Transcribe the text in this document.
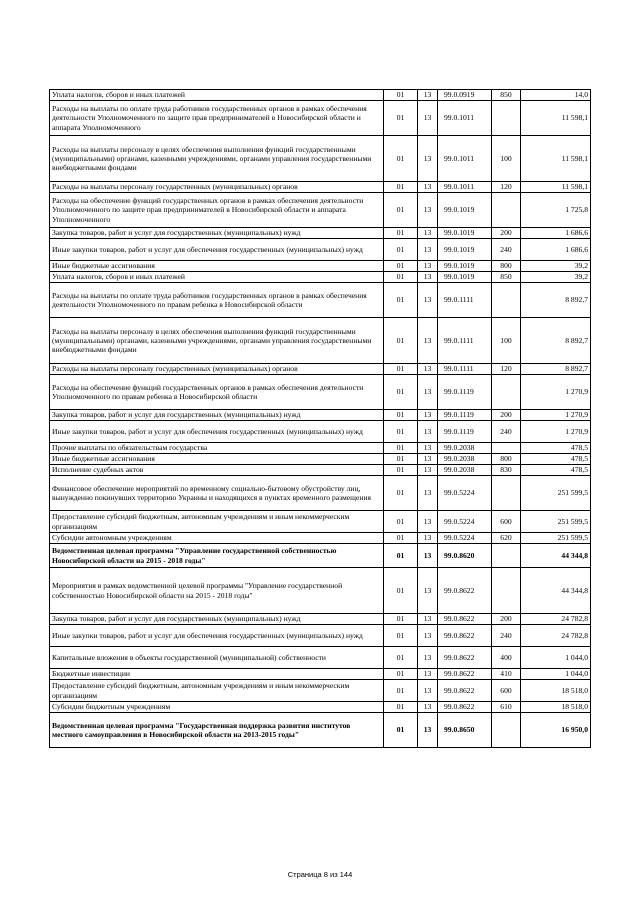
Уплата налогов, сборов и иных платежей	01	13	99.0.0919	850	14,0
Расходы на выплаты по оплате труда работников государственных органов в рамках обеспечения деятельности Уполномоченного по защите прав предпринимателей в Новосибирской области и аппарата Уполномоченного	01	13	99.0.1011		11 598,1
Расходы на выплаты персоналу в целях обеспечения выполнения функций государственными (муниципальными) органами, казенными учреждениями, органами управления государственными внебюджетными фондами	01	13	99.0.1011	100	11 598,1
Расходы на выплаты персоналу государственных (муниципальных) органов	01	13	99.0.1011	120	11 598,1
Расходы на обеспечение функций государственных органов в рамках обеспечения деятельности Уполномоченного по защите прав предпринимателей в Новосибирской области и аппарата Уполномоченного	01	13	99.0.1019		1 725,8
Закупка товаров, работ и услуг для государственных (муниципальных) нужд	01	13	99.0.1019	200	1 686,6
Иные закупки товаров, работ и услуг для обеспечения государственных (муниципальных) нужд	01	13	99.0.1019	240	1 686,6
Иные бюджетные ассигнования	01	13	99.0.1019	800	39,2
Уплата налогов, сборов и иных платежей	01	13	99.0.1019	850	39,2
Расходы на выплаты по оплате труда работников государственных органов в рамках обеспечения деятельности Уполномоченного по правам ребенка в Новосибирской области	01	13	99.0.1111		8 892,7
Расходы на выплаты персоналу в целях обеспечения выполнения функций государственными (муниципальными) органами, казенными учреждениями, органами управления государственными внебюджетными фондами	01	13	99.0.1111	100	8 892,7
Расходы на выплаты персоналу государственных (муниципальных) органов	01	13	99.0.1111	120	8 892,7
Расходы на обеспечение функций государственных органов в рамках обеспечения деятельности Уполномоченного по правам ребенка в Новосибирской области	01	13	99.0.1119		1 270,9
Закупка товаров, работ и услуг для государственных (муниципальных) нужд	01	13	99.0.1119	200	1 270,9
Иные закупки товаров, работ и услуг для обеспечения государственных (муниципальных) нужд	01	13	99.0.1119	240	1 270,9
Прочие выплаты по обязательствам государства	01	13	99.0.2038		478,5
Иные бюджетные ассигнования	01	13	99.0.2038	800	478,5
Исполнение судебных актов	01	13	99.0.2038	830	478,5
Финансовое обеспечение мероприятий по временному социально-бытовому обустройству лиц, вынужденно покинувших территорию Украины и находящихся в пунктах временного размещения	01	13	99.0.5224		251 599,5
Предоставление субсидий бюджетным, автономным учреждениям и иным некоммерческим организациям	01	13	99.0.5224	600	251 599,5
Субсидии автономным учреждениям	01	13	99.0.5224	620	251 599,5
Ведомственная целевая программа "Управление государственной собственностью Новосибирской области на 2015 - 2018 годы"	01	13	99.0.8620		44 344,8
Мероприятия в рамках ведомственной целевой программы "Управление государственной собственностью Новосибирской области на 2015 - 2018 годы"	01	13	99.0.8622		44 344,8
Закупка товаров, работ и услуг для государственных (муниципальных) нужд	01	13	99.0.8622	200	24 782,8
Иные закупки товаров, работ и услуг для обеспечения государственных (муниципальных) нужд	01	13	99.0.8622	240	24 782,8
Капитальные вложения в объекты государственной (муниципальной) собственности	01	13	99.0.8622	400	1 044,0
Бюджетные инвестиции	01	13	99.0.8622	410	1 044,0
Предоставление субсидий бюджетным, автономным учреждениям и иным некоммерческим организациям	01	13	99.0.8622	600	18 518,0
Субсидии бюджетным учреждениям	01	13	99.0.8622	610	18 518,0
Ведомственная целевая программа "Государственная поддержка развития институтов местного самоуправления в Новосибирской области на 2013-2015 годы"	01	13	99.0.8650		16 950,0
Страница 8 из 144
